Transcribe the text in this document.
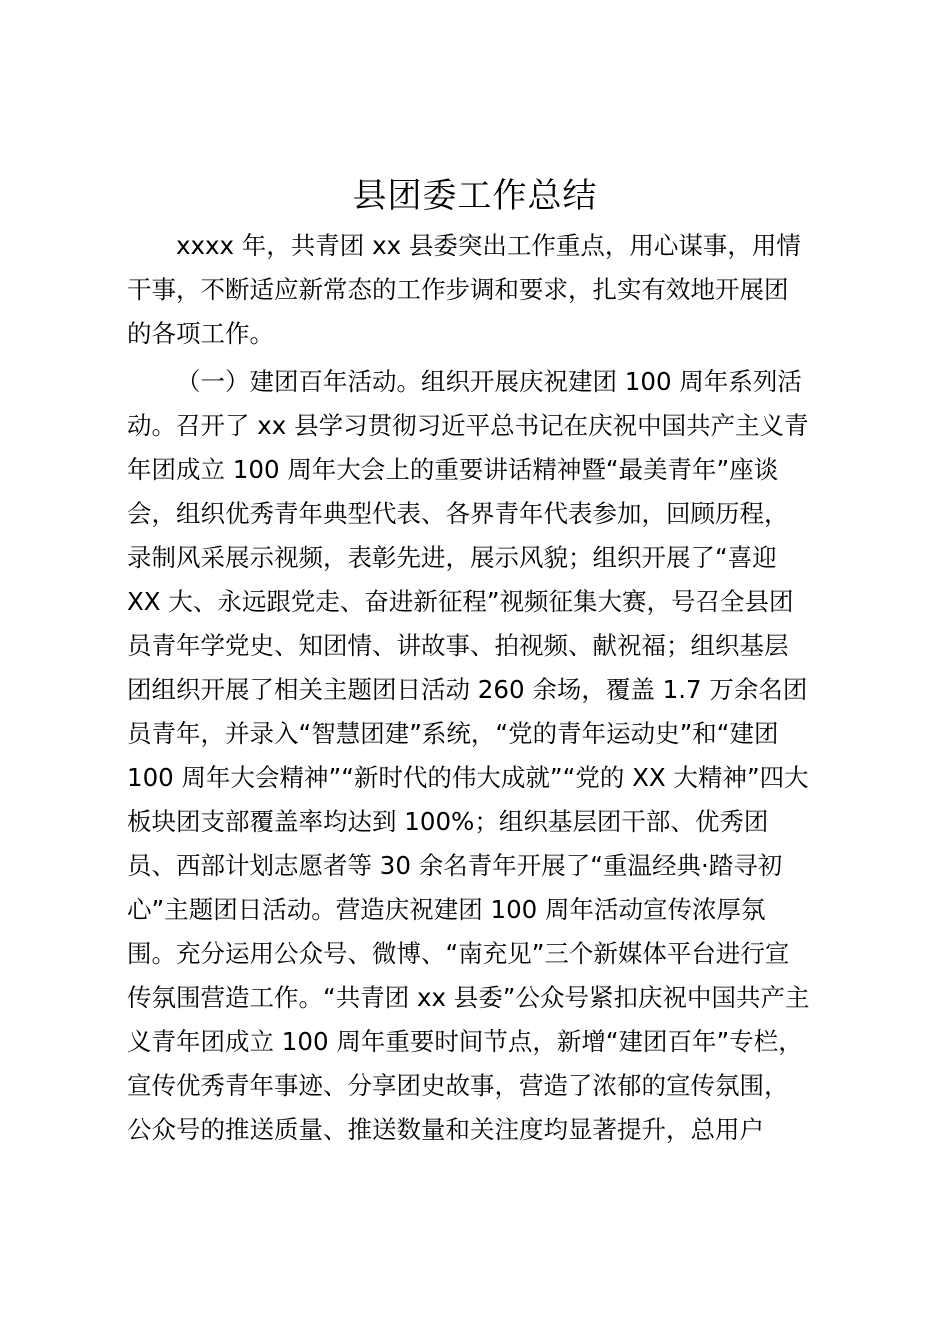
县团委工作总结
xxxx 年，共青团 xx 县委突出工作重点，用心谋事，用情
干事，不断适应新常态的工作步调和要求，扎实有效地开展团
的各项工作。
（一）建团百年活动。组织开展庆祝建团 100 周年系列活
动。召开了 xx 县学习贯彻习近平总书记在庆祝中国共产主义青
年团成立 100 周年大会上的重要讲话精神暨“最美青年”座谈
会，组织优秀青年典型代表、各界青年代表参加，回顾历程，
录制风采展示视频，表彰先进，展示风貌；组织开展了“喜迎
XX 大、永远跟党走、奋进新征程”视频征集大赛，号召全县团
员青年学党史、知团情、讲故事、拍视频、献祝福；组织基层
团组织开展了相关主题团日活动 260 余场，覆盖 1.7 万余名团
员青年，并录入“智慧团建”系统，“党的青年运动史”和“建团
100 周年大会精神”“新时代的伟大成就”“党的 XX 大精神”四大
板块团支部覆盖率均达到 100%；组织基层团干部、优秀团
员、西部计划志愿者等 30 余名青年开展了“重温经典·踏寻初
心”主题团日活动。营造庆祝建团 100 周年活动宣传浓厚氛
围。充分运用公众号、微博、“南充见”三个新媒体平台进行宣
传氛围营造工作。“共青团 xx 县委”公众号紧扣庆祝中国共产主
义青年团成立 100 周年重要时间节点，新增“建团百年”专栏，
宣传优秀青年事迹、分享团史故事，营造了浓郁的宣传氛围，
公众号的推送质量、推送数量和关注度均显著提升，总用户
